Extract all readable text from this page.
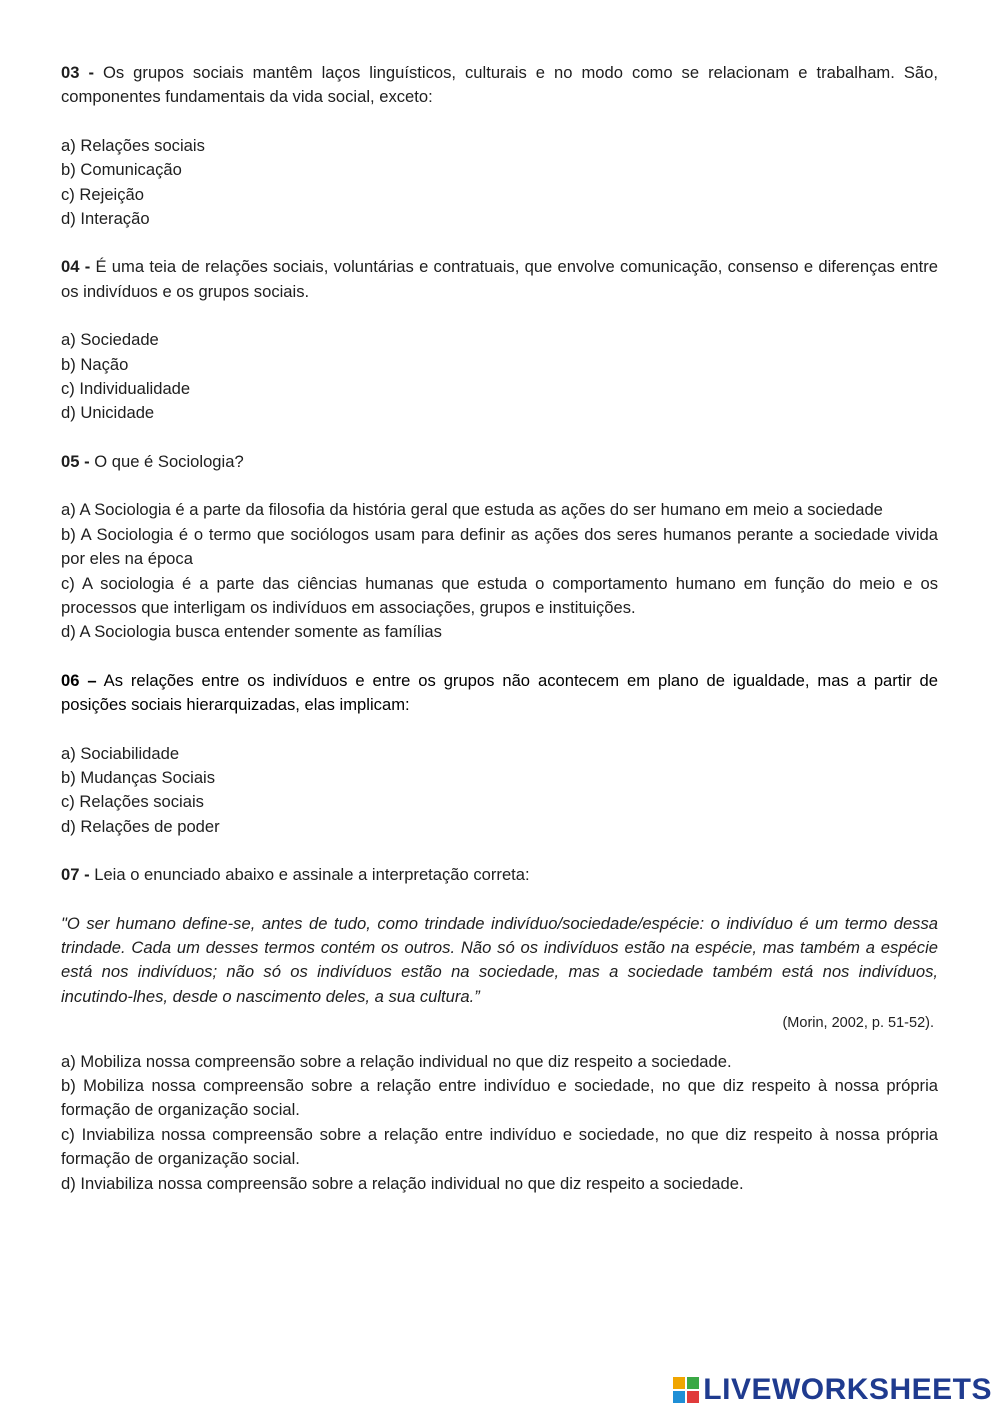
03 - Os grupos sociais mantêm laços linguísticos, culturais e no modo como se relacionam e trabalham. São, componentes fundamentais da vida social, exceto:

a) Relações sociais

b) Comunicação

c) Rejeição

d) Interação

04 - É uma teia de relações sociais, voluntárias e contratuais, que envolve comunicação, consenso e diferenças entre os indivíduos e os grupos sociais.

a) Sociedade

b) Nação

c) Individualidade

d) Unicidade

05 - O que é Sociologia?

a) A Sociologia é a parte da filosofia da história geral que estuda as ações do ser humano em meio a sociedade

b) A Sociologia é o termo que sociólogos usam para definir as ações dos seres humanos perante a sociedade vivida por eles na época

c) A sociologia é a parte das ciências humanas que estuda o comportamento humano em função do meio e os processos que interligam os indivíduos em associações, grupos e instituições.

d) A Sociologia busca entender somente as famílias

06 – As relações entre os indivíduos e entre os grupos não acontecem em plano de igualdade, mas a partir de posições sociais hierarquizadas, elas implicam:

a) Sociabilidade

b) Mudanças Sociais

c) Relações sociais

d) Relações de poder

07 - Leia o enunciado abaixo e assinale a interpretação correta:

"O ser humano define-se, antes de tudo, como trindade indivíduo/sociedade/espécie: o indivíduo é um termo dessa trindade. Cada um desses termos contém os outros. Não só os indivíduos estão na espécie, mas também a espécie está nos indivíduos; não só os indivíduos estão na sociedade, mas a sociedade também está nos indivíduos, incutindo-lhes, desde o nascimento deles, a sua cultura.”

(Morin, 2002, p. 51-52).

a) Mobiliza nossa compreensão sobre a relação individual no que diz respeito a sociedade.

b) Mobiliza nossa compreensão sobre a relação entre indivíduo e sociedade, no que diz respeito à nossa própria formação de organização social.

c) Inviabiliza nossa compreensão sobre a relação entre indivíduo e sociedade, no que diz respeito à nossa própria formação de organização social.

d) Inviabiliza nossa compreensão sobre a relação individual no que diz respeito a sociedade.

LIVEWORKSHEETS
